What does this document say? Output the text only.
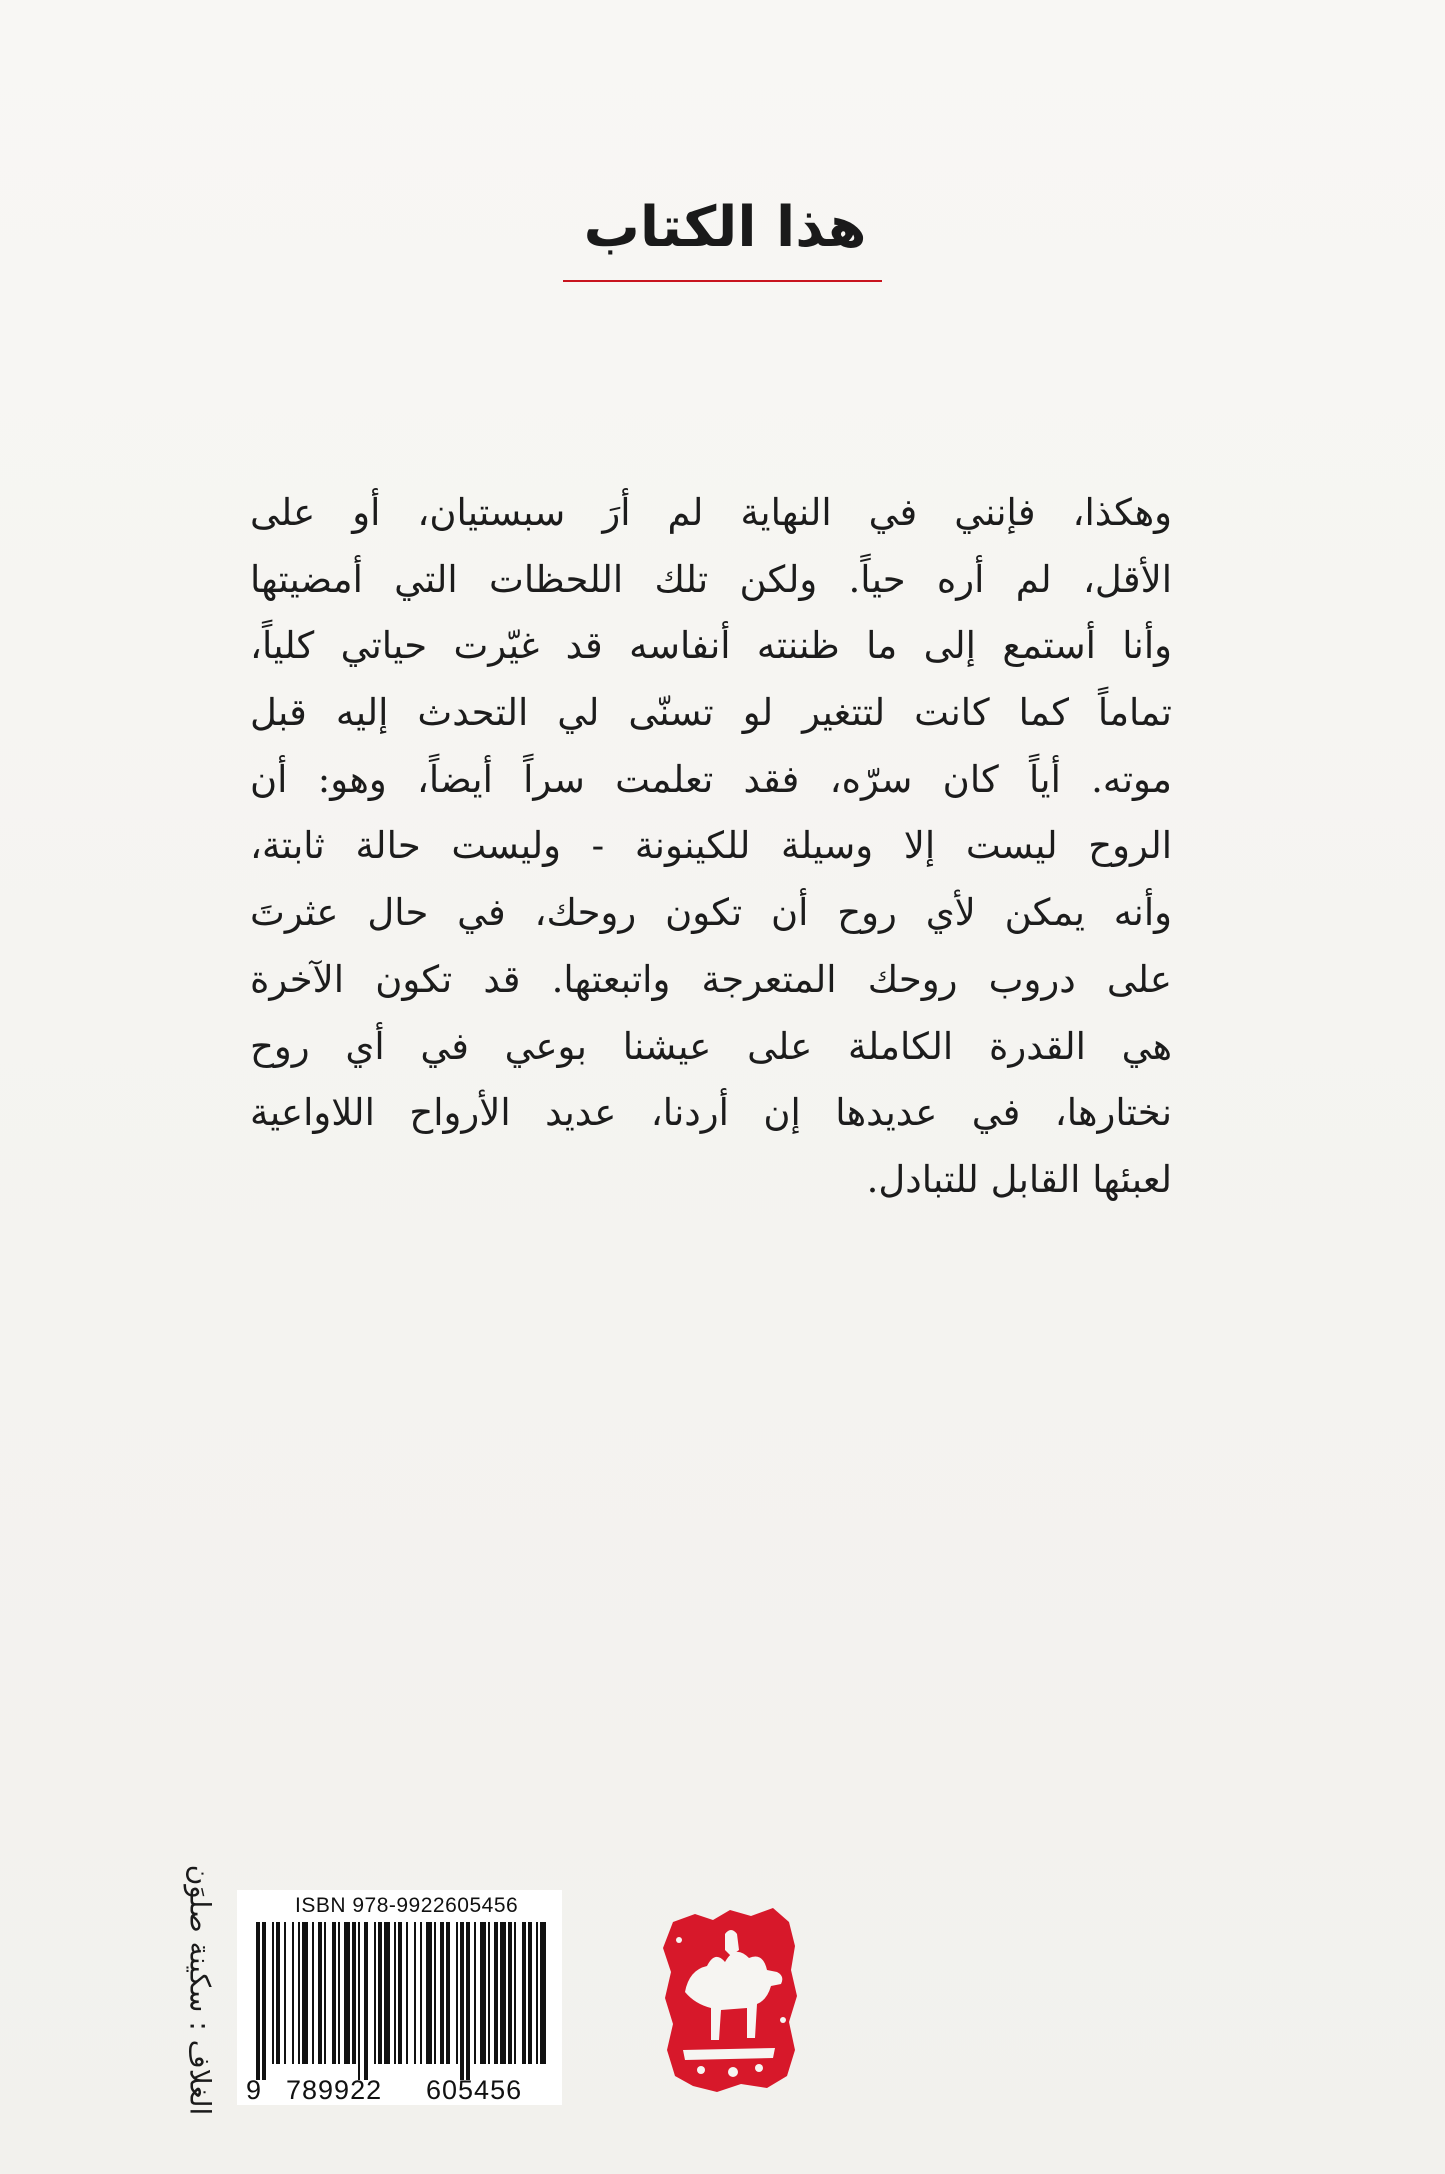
هذا الكتاب
وهكذا، فإنني في النهاية لم أرَ سبستيان، أو على
الأقل، لم أره حياً. ولكن تلك اللحظات التي أمضيتها
وأنا أستمع إلى ما ظننته أنفاسه قد غيّرت حياتي كلياً،
تماماً كما كانت لتتغير لو تسنّى لي التحدث إليه قبل
موته. أياً كان سرّه، فقد تعلمت سراً أيضاً، وهو: أن
الروح ليست إلا وسيلة للكينونة - وليست حالة ثابتة،
وأنه يمكن لأي روح أن تكون روحك، في حال عثرتَ
على دروب روحك المتعرجة واتبعتها. قد تكون الآخرة
هي القدرة الكاملة على عيشنا بوعي في أي روح
نختارها، في عديدها إن أردنا، عديد الأرواح اللاواعية
لعبئها القابل للتبادل.
الغلاف : سكينة صلوَن	ISBN 978-9922605456
9 789922 605456
